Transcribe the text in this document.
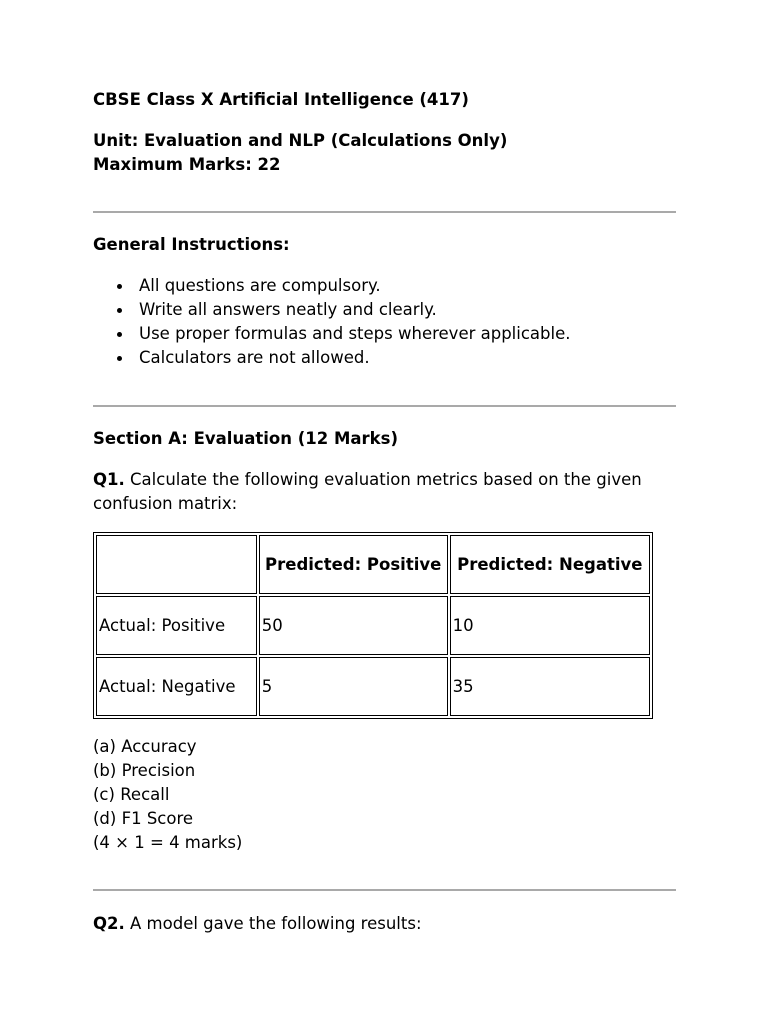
CBSE Class X Artificial Intelligence (417)

Unit: Evaluation and NLP (Calculations Only)

Maximum Marks: 22

General Instructions:

All questions are compulsory.
Write all answers neatly and clearly.
Use proper formulas and steps wherever applicable.
Calculators are not allowed.

Section A: Evaluation (12 Marks)

Q1. Calculate the following evaluation metrics based on the given

confusion matrix:

	Predicted: Positive	Predicted: Negative
Actual: Positive	50	10
Actual: Negative	5	35

(a) Accuracy

(b) Precision

(c) Recall

(d) F1 Score

(4 × 1 = 4 marks)

Q2. A model gave the following results:
